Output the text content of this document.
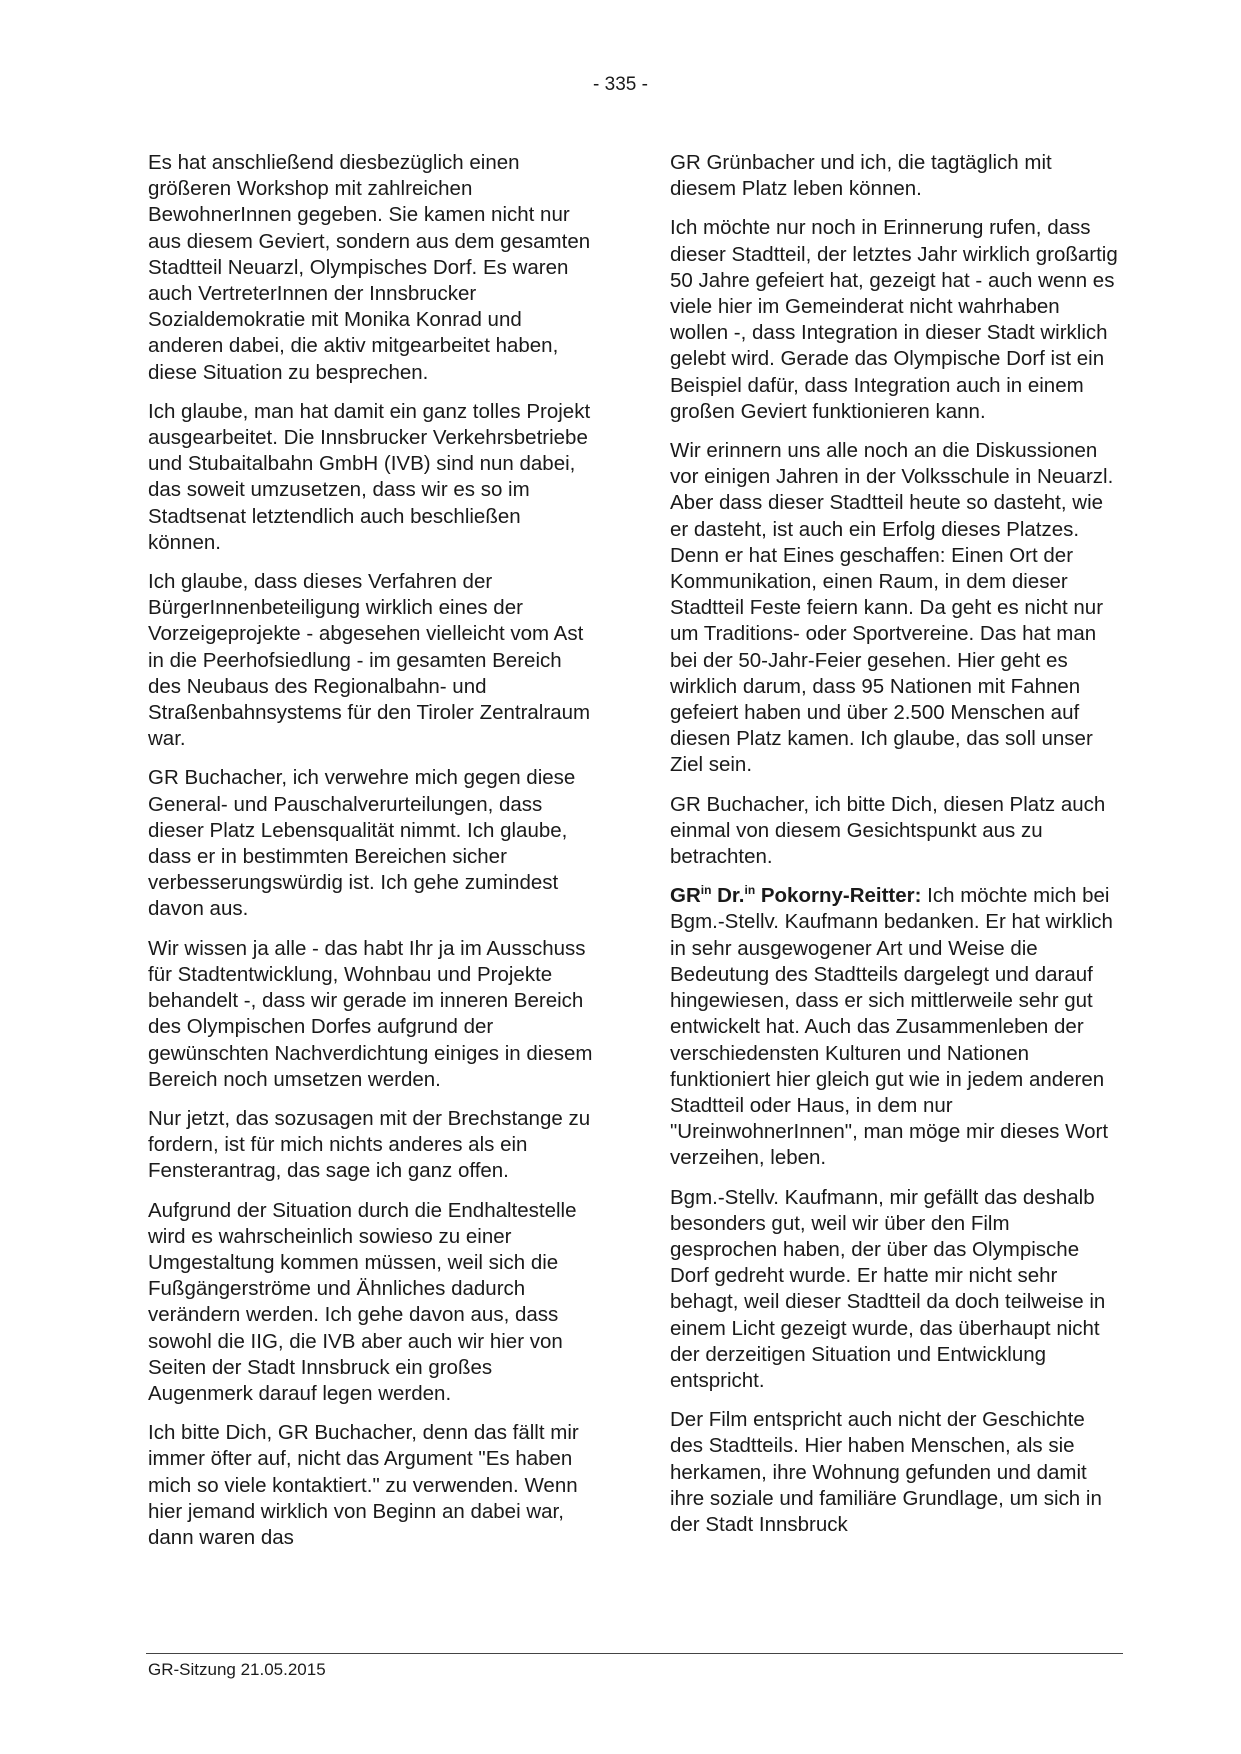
- 335 -

Es hat anschließend diesbezüglich einen größeren Workshop mit zahlreichen BewohnerInnen gegeben. Sie kamen nicht nur aus diesem Geviert, sondern aus dem gesamten Stadtteil Neuarzl, Olympisches Dorf. Es waren auch VertreterInnen der Innsbrucker Sozialdemokratie mit Monika Konrad und anderen dabei, die aktiv mitgearbeitet haben, diese Situation zu besprechen.

Ich glaube, man hat damit ein ganz tolles Projekt ausgearbeitet. Die Innsbrucker Verkehrsbetriebe und Stubaitalbahn GmbH (IVB) sind nun dabei, das soweit umzusetzen, dass wir es so im Stadtsenat letztendlich auch beschließen können.

Ich glaube, dass dieses Verfahren der BürgerInnenbeteiligung wirklich eines der Vorzeigeprojekte - abgesehen vielleicht vom Ast in die Peerhofsiedlung - im gesamten Bereich des Neubaus des Regionalbahn- und Straßenbahnsystems für den Tiroler Zentralraum war.

GR Buchacher, ich verwehre mich gegen diese General- und Pauschalverurteilungen, dass dieser Platz Lebensqualität nimmt. Ich glaube, dass er in bestimmten Bereichen sicher verbesserungswürdig ist. Ich gehe zumindest davon aus.

Wir wissen ja alle - das habt Ihr ja im Ausschuss für Stadtentwicklung, Wohnbau und Projekte behandelt -, dass wir gerade im inneren Bereich des Olympischen Dorfes aufgrund der gewünschten Nachverdichtung einiges in diesem Bereich noch umsetzen werden.

Nur jetzt, das sozusagen mit der Brechstange zu fordern, ist für mich nichts anderes als ein Fensterantrag, das sage ich ganz offen.

Aufgrund der Situation durch die Endhaltestelle wird es wahrscheinlich sowieso zu einer Umgestaltung kommen müssen, weil sich die Fußgängerströme und Ähnliches dadurch verändern werden. Ich gehe davon aus, dass sowohl die IIG, die IVB aber auch wir hier von Seiten der Stadt Innsbruck ein großes Augenmerk darauf legen werden.

Ich bitte Dich, GR Buchacher, denn das fällt mir immer öfter auf, nicht das Argument "Es haben mich so viele kontaktiert." zu verwenden. Wenn hier jemand wirklich von Beginn an dabei war, dann waren das

GR Grünbacher und ich, die tagtäglich mit diesem Platz leben können.

Ich möchte nur noch in Erinnerung rufen, dass dieser Stadtteil, der letztes Jahr wirklich großartig 50 Jahre gefeiert hat, gezeigt hat - auch wenn es viele hier im Gemeinderat nicht wahrhaben wollen -, dass Integration in dieser Stadt wirklich gelebt wird. Gerade das Olympische Dorf ist ein Beispiel dafür, dass Integration auch in einem großen Geviert funktionieren kann.

Wir erinnern uns alle noch an die Diskussionen vor einigen Jahren in der Volksschule in Neuarzl. Aber dass dieser Stadtteil heute so dasteht, wie er dasteht, ist auch ein Erfolg dieses Platzes. Denn er hat Eines geschaffen: Einen Ort der Kommunikation, einen Raum, in dem dieser Stadtteil Feste feiern kann. Da geht es nicht nur um Traditions- oder Sportvereine. Das hat man bei der 50-Jahr-Feier gesehen. Hier geht es wirklich darum, dass 95 Nationen mit Fahnen gefeiert haben und über 2.500 Menschen auf diesen Platz kamen. Ich glaube, das soll unser Ziel sein.

GR Buchacher, ich bitte Dich, diesen Platz auch einmal von diesem Gesichtspunkt aus zu betrachten.

$GR^{in}$ Dr.$^{in}$ Pokorny-Reitter: Ich möchte mich bei Bgm.-Stellv. Kaufmann bedanken. Er hat wirklich in sehr ausgewogener Art und Weise die Bedeutung des Stadtteils dargelegt und darauf hingewiesen, dass er sich mittlerweile sehr gut entwickelt hat. Auch das Zusammenleben der verschiedensten Kulturen und Nationen funktioniert hier gleich gut wie in jedem anderen Stadtteil oder Haus, in dem nur "UreinwohnerInnen", man möge mir dieses Wort verzeihen, leben.

Bgm.-Stellv. Kaufmann, mir gefällt das deshalb besonders gut, weil wir über den Film gesprochen haben, der über das Olympische Dorf gedreht wurde. Er hatte mir nicht sehr behagt, weil dieser Stadtteil da doch teilweise in einem Licht gezeigt wurde, das überhaupt nicht der derzeitigen Situation und Entwicklung entspricht.

Der Film entspricht auch nicht der Geschichte des Stadtteils. Hier haben Menschen, als sie herkamen, ihre Wohnung gefunden und damit ihre soziale und familiäre Grundlage, um sich in der Stadt Innsbruck

GR-Sitzung 21.05.2015
